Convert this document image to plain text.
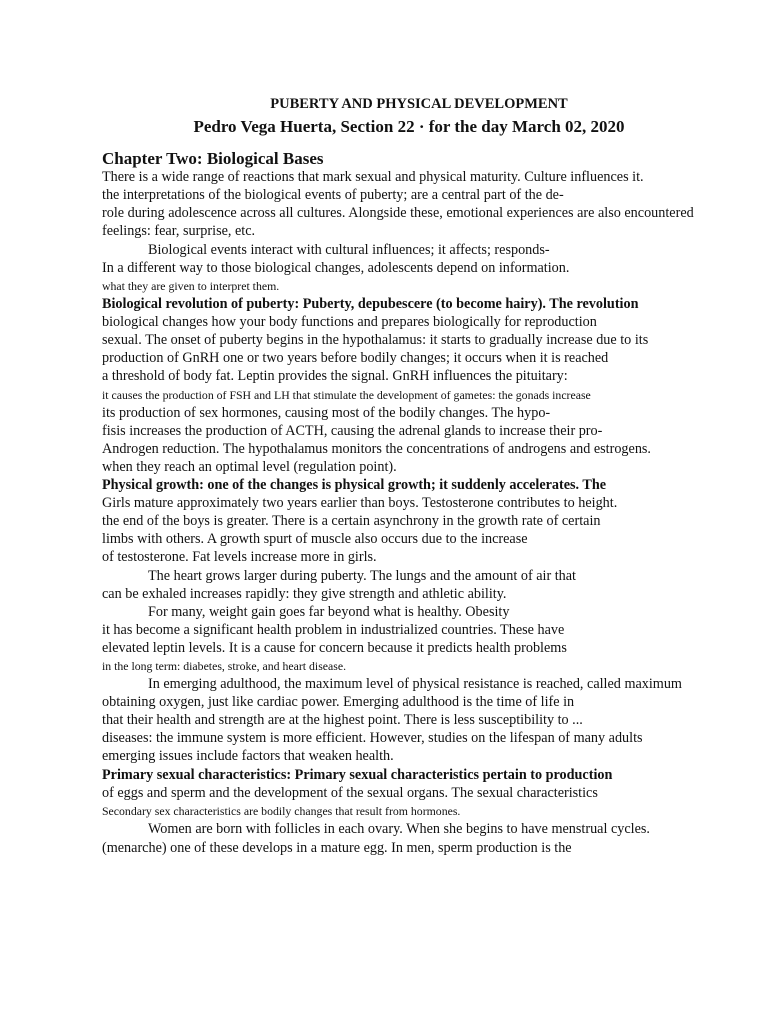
PUBERTY AND PHYSICAL DEVELOPMENT
Pedro Vega Huerta, Section 22 · for the day March 02, 2020
Chapter Two: Biological Bases
There is a wide range of reactions that mark sexual and physical maturity. Culture influences it.
the interpretations of the biological events of puberty; are a central part of the de-
role during adolescence across all cultures. Alongside these, emotional experiences are also encountered
feelings: fear, surprise, etc.
Biological events interact with cultural influences; it affects; responds-
In a different way to those biological changes, adolescents depend on information.
what they are given to interpret them.
Biological revolution of puberty: Puberty, depubescere (to become hairy). The revolution
biological changes how your body functions and prepares biologically for reproduction
sexual. The onset of puberty begins in the hypothalamus: it starts to gradually increase due to its
production of GnRH one or two years before bodily changes; it occurs when it is reached
a threshold of body fat. Leptin provides the signal. GnRH influences the pituitary:
it causes the production of FSH and LH that stimulate the development of gametes: the gonads increase
its production of sex hormones, causing most of the bodily changes. The hypo-
fisis increases the production of ACTH, causing the adrenal glands to increase their pro-
Androgen reduction. The hypothalamus monitors the concentrations of androgens and estrogens.
when they reach an optimal level (regulation point).
Physical growth: one of the changes is physical growth; it suddenly accelerates. The
Girls mature approximately two years earlier than boys. Testosterone contributes to height.
the end of the boys is greater. There is a certain asynchrony in the growth rate of certain
limbs with others. A growth spurt of muscle also occurs due to the increase
of testosterone. Fat levels increase more in girls.
The heart grows larger during puberty. The lungs and the amount of air that
can be exhaled increases rapidly: they give strength and athletic ability.
For many, weight gain goes far beyond what is healthy. Obesity
it has become a significant health problem in industrialized countries. These have
elevated leptin levels. It is a cause for concern because it predicts health problems
in the long term: diabetes, stroke, and heart disease.
In emerging adulthood, the maximum level of physical resistance is reached, called maximum
obtaining oxygen, just like cardiac power. Emerging adulthood is the time of life in
that their health and strength are at the highest point. There is less susceptibility to ...
diseases: the immune system is more efficient. However, studies on the lifespan of many adults
emerging issues include factors that weaken health.
Primary sexual characteristics: Primary sexual characteristics pertain to production
of eggs and sperm and the development of the sexual organs. The sexual characteristics
Secondary sex characteristics are bodily changes that result from hormones.
Women are born with follicles in each ovary. When she begins to have menstrual cycles.
(menarche) one of these develops in a mature egg. In men, sperm production is the
